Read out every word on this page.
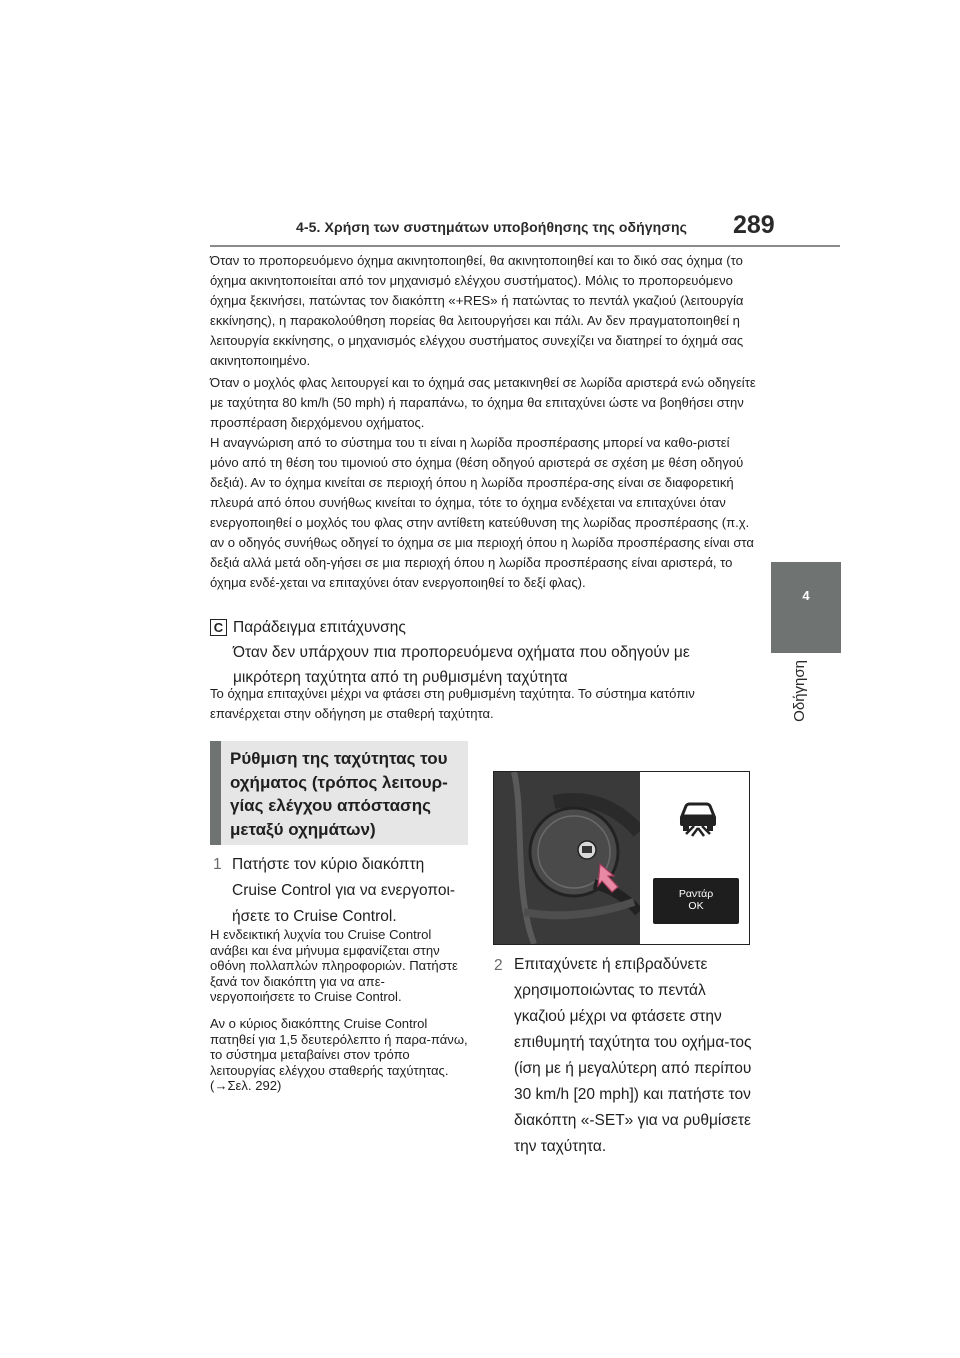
4-5. Χρήση των συστημάτων υποβοήθησης της οδήγησης 289
4
Οδήγηση

Όταν το προπορευόμενο όχημα ακινητοποιηθεί, θα ακινητοποιηθεί και το δικό σας όχημα (το όχημα ακινητοποιείται από τον μηχανισμό ελέγχου συστήματος). Μόλις το προπορευόμενο όχημα ξεκινήσει, πατώντας τον διακόπτη «+RES» ή πατώντας το πεντάλ γκαζιού (λειτουργία εκκίνησης), η παρακολούθηση πορείας θα λειτουργήσει και πάλι. Αν δεν πραγματοποιηθεί η λειτουργία εκκίνησης, ο μηχανισμός ελέγχου συστήματος συνεχίζει να διατηρεί το όχημά σας ακινητοποιημένο.

Όταν ο μοχλός φλας λειτουργεί και το όχημά σας μετακινηθεί σε λωρίδα αριστερά ενώ οδηγείτε με ταχύτητα 80 km/h (50 mph) ή παραπάνω, το όχημα θα επιταχύνει ώστε να βοηθήσει στην προσπέραση διερχόμενου οχήματος.

Η αναγνώριση από το σύστημα του τι είναι η λωρίδα προσπέρασης μπορεί να καθο-ριστεί μόνο από τη θέση του τιμονιού στο όχημα (θέση οδηγού αριστερά σε σχέση με θέση οδηγού δεξιά). Αν το όχημα κινείται σε περιοχή όπου η λωρίδα προσπέρα-σης είναι σε διαφορετική πλευρά από όπου συνήθως κινείται το όχημα, τότε το όχημα ενδέχεται να επιταχύνει όταν ενεργοποιηθεί ο μοχλός του φλας στην αντίθετη κατεύθυνση της λωρίδας προσπέρασης (π.χ. αν ο οδηγός συνήθως οδηγεί το όχημα σε μια περιοχή όπου η λωρίδα προσπέρασης είναι στα δεξιά αλλά μετά οδη-γήσει σε μια περιοχή όπου η λωρίδα προσπέρασης είναι αριστερά, το όχημα ενδέ-χεται να επιταχύνει όταν ενεργοποιηθεί το δεξί φλας).

C Παράδειγμα επιτάχυνσης
Όταν δεν υπάρχουν πια προπορευόμενα οχήματα που οδηγούν με μικρότερη ταχύτητα από τη ρυθμισμένη ταχύτητα

Το όχημα επιταχύνει μέχρι να φτάσει στη ρυθμισμένη ταχύτητα. Το σύστημα κατόπιν επανέρχεται στην οδήγηση με σταθερή ταχύτητα.

Ρύθμιση της ταχύτητας του οχήματος (τρόπος λειτουρ-γίας ελέγχου απόστασης μεταξύ οχημάτων)

1 Πατήστε τον κύριο διακόπτη Cruise Control για να ενεργοποι-ήσετε το Cruise Control.

Η ενδεικτική λυχνία του Cruise Control ανάβει και ένα μήνυμα εμφανίζεται στην οθόνη πολλαπλών πληροφοριών. Πατήστε ξανά τον διακόπτη για να απε-νεργοποιήσετε το Cruise Control.

Αν ο κύριος διακόπτης Cruise Control πατηθεί για 1,5 δευτερόλεπτο ή παρα-πάνω, το σύστημα μεταβαίνει στον τρόπο λειτουργίας ελέγχου σταθερής ταχύτητας. (→Σελ. 292)

Ραντάρ
OK
2 Επιταχύνετε ή επιβραδύνετε χρησιμοποιώντας το πεντάλ γκαζιού μέχρι να φτάσετε στην επιθυμητή ταχύτητα του οχήμα-τος (ίση με ή μεγαλύτερη από περίπου 30 km/h [20 mph]) και πατήστε τον διακόπτη «-SET» για να ρυθμίσετε την ταχύτητα.
